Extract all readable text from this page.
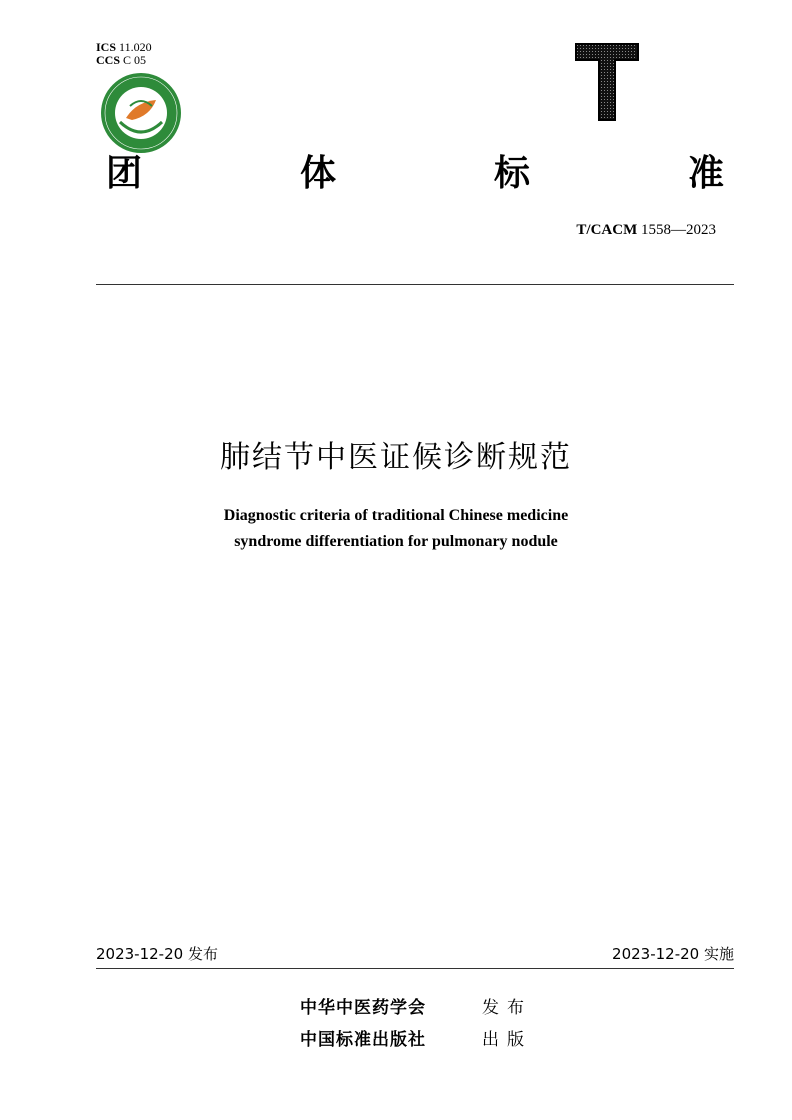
ICS 11.020
CCS C 05
T
团	体	标	准
T/CACM 1558—2023
肺结节中医证候诊断规范
Diagnostic criteria of traditional Chinese medicine
syndrome differentiation for pulmonary nodule
2023-12-20 发布	2023-12-20 实施
中华中医药学会	发布
中国标准出版社	出版
